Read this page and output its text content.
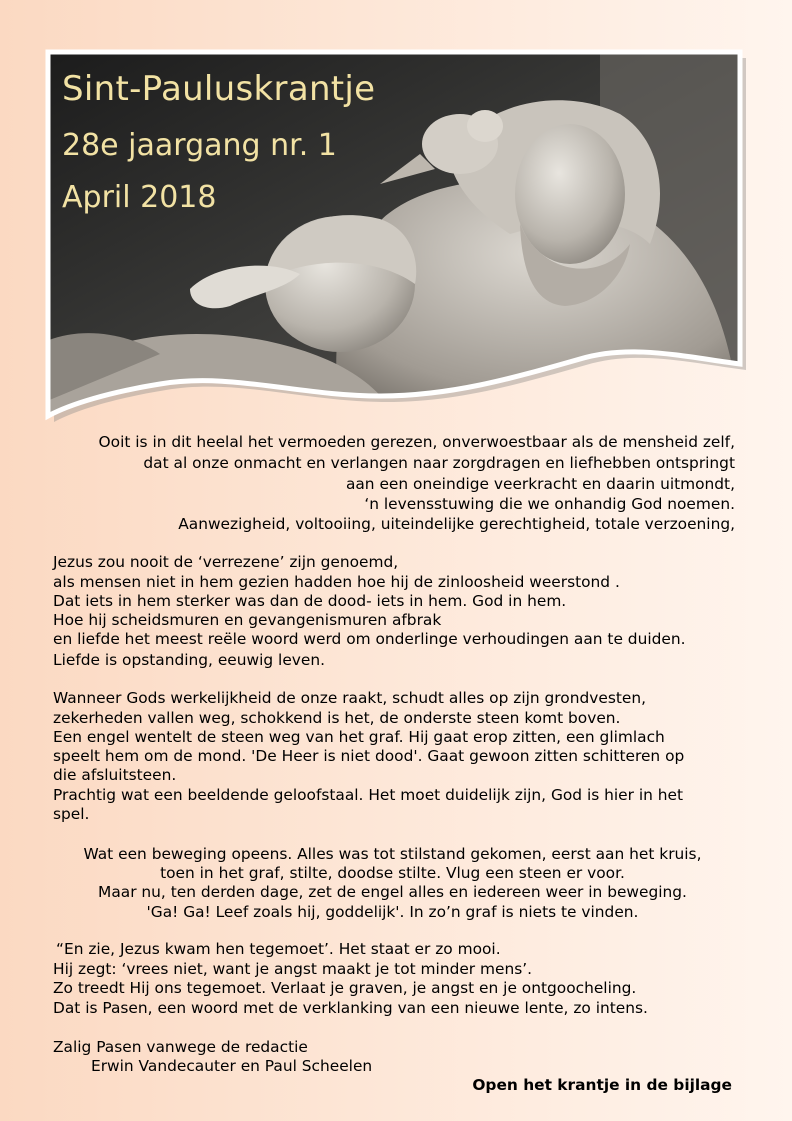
Sint-Pauluskrantje
28e jaargang nr. 1
April 2018
Ooit is in dit heelal het vermoeden gerezen, onverwoestbaar als de mensheid zelf,
dat al onze onmacht en verlangen naar zorgdragen en liefhebben ontspringt
aan een oneindige veerkracht en daarin uitmondt,
‘n levensstuwing die we onhandig God noemen.
Aanwezigheid, voltooiing, uiteindelijke gerechtigheid, totale verzoening,
Jezus zou nooit de ‘verrezene’ zijn genoemd,
als mensen niet in hem gezien hadden hoe hij de zinloosheid weerstond .
Dat iets in hem sterker was dan de dood- iets in hem. God in hem.
Hoe hij scheidsmuren en gevangenismuren afbrak
en liefde het meest reële woord werd om onderlinge verhoudingen aan te duiden.
Liefde is opstanding, eeuwig leven.
Wanneer Gods werkelijkheid de onze raakt, schudt alles op zijn grondvesten,
zekerheden vallen weg, schokkend is het, de onderste steen komt boven.
Een engel wentelt de steen weg van het graf. Hij gaat erop zitten, een glimlach
speelt hem om de mond. 'De Heer is niet dood'. Gaat gewoon zitten schitteren op
die afsluitsteen.
Prachtig wat een beeldende geloofstaal. Het moet duidelijk zijn, God is hier in het
spel.
Wat een beweging opeens. Alles was tot stilstand gekomen, eerst aan het kruis,
toen in het graf, stilte, doodse stilte. Vlug een steen er voor.
Maar nu, ten derden dage, zet de engel alles en iedereen weer in beweging.
'Ga! Ga! Leef zoals hij, goddelijk'. In zo’n graf is niets te vinden.
“En zie, Jezus kwam hen tegemoet’. Het staat er zo mooi.
Hij zegt: ‘vrees niet, want je angst maakt je tot minder mens’.
Zo treedt Hij ons tegemoet. Verlaat je graven, je angst en je ontgoocheling.
Dat is Pasen, een woord met de verklanking van een nieuwe lente, zo intens.
Zalig Pasen vanwege de redactie
Erwin Vandecauter en Paul Scheelen
Open het krantje in de bijlage
